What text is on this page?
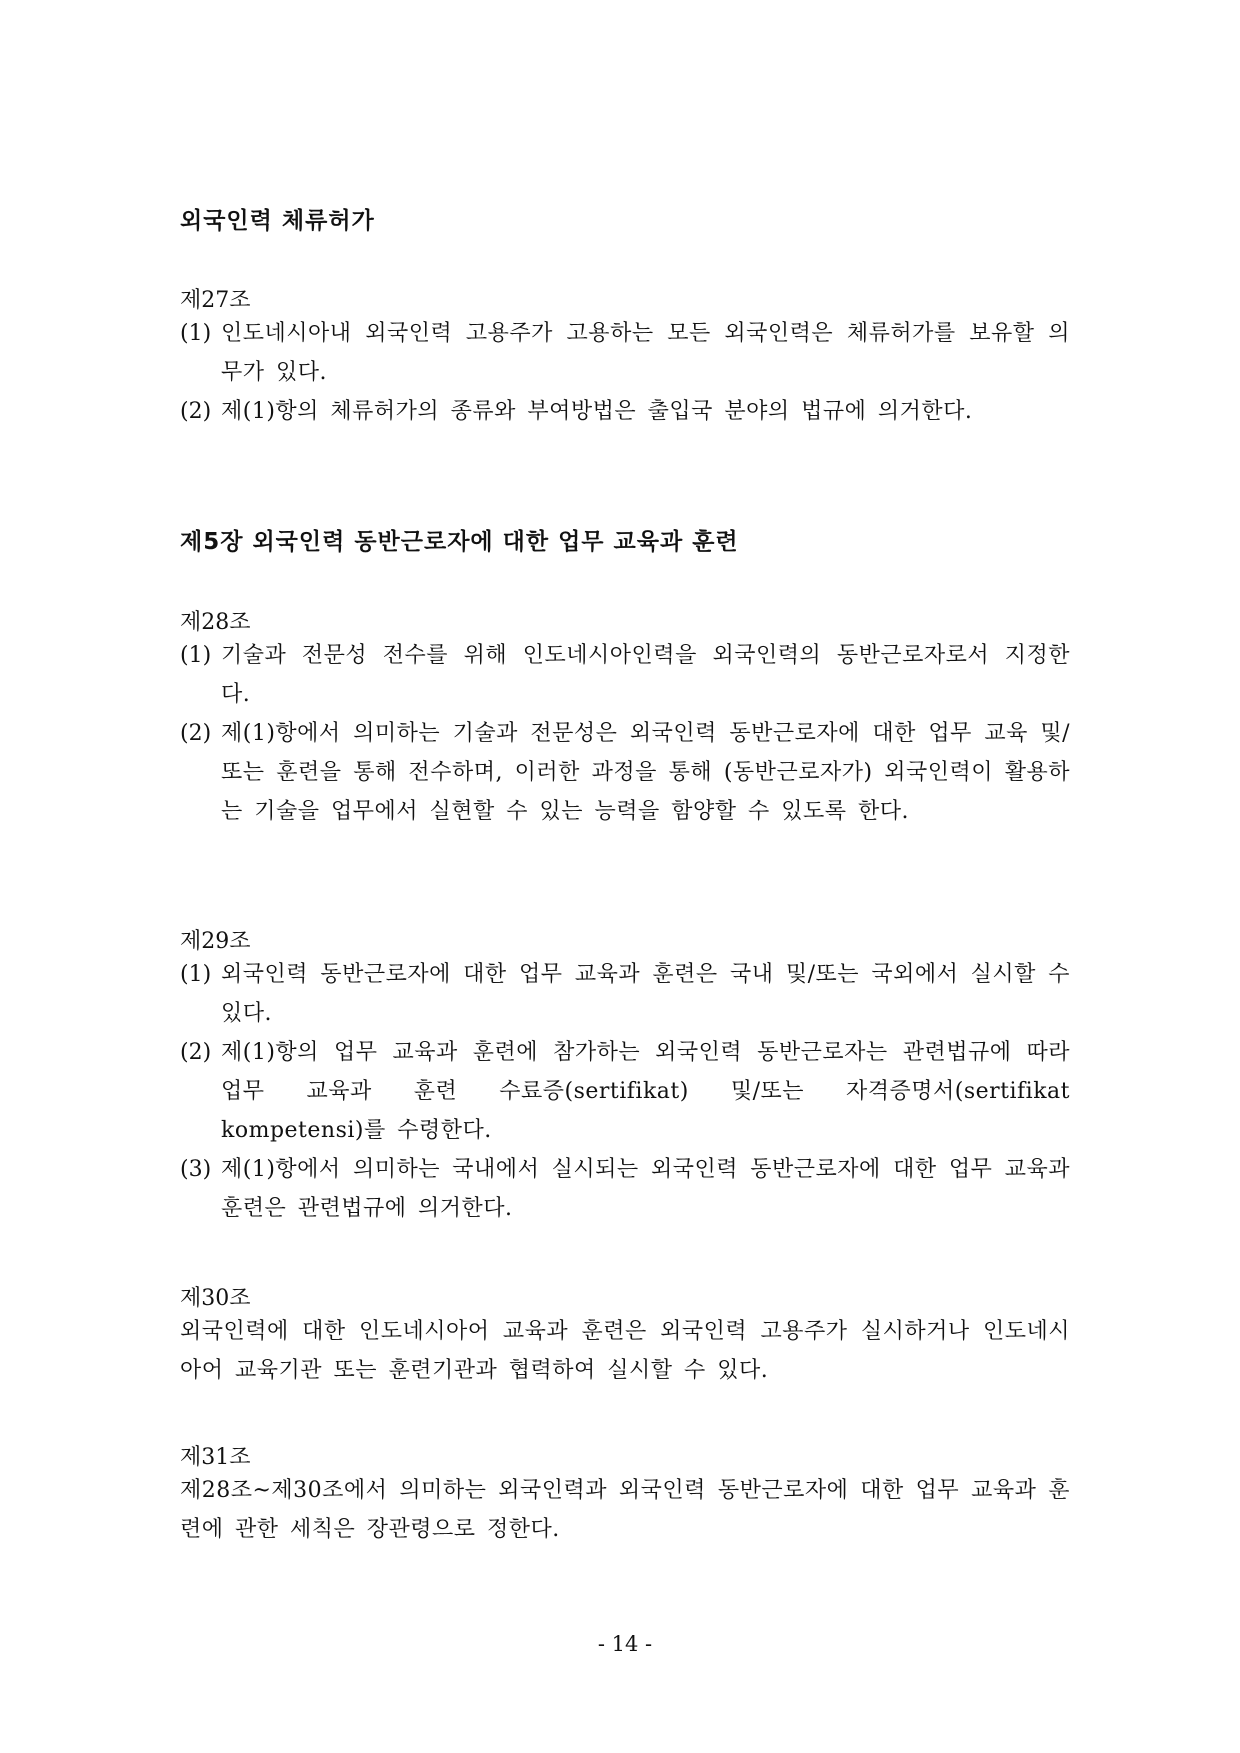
외국인력 체류허가
제27조
(1) 인도네시아내 외국인력 고용주가 고용하는 모든 외국인력은 체류허가를 보유할 의무가 있다.
(2) 제(1)항의 체류허가의 종류와 부여방법은 출입국 분야의 법규에 의거한다.
제5장 외국인력 동반근로자에 대한 업무 교육과 훈련
제28조
(1) 기술과 전문성 전수를 위해 인도네시아인력을 외국인력의 동반근로자로서 지정한다.
(2) 제(1)항에서 의미하는 기술과 전문성은 외국인력 동반근로자에 대한 업무 교육 및/또는 훈련을 통해 전수하며, 이러한 과정을 통해 (동반근로자가) 외국인력이 활용하는 기술을 업무에서 실현할 수 있는 능력을 함양할 수 있도록 한다.
제29조
(1) 외국인력 동반근로자에 대한 업무 교육과 훈련은 국내 및/또는 국외에서 실시할 수 있다.
(2) 제(1)항의 업무 교육과 훈련에 참가하는 외국인력 동반근로자는 관련법규에 따라 업무 교육과 훈련 수료증(sertifikat) 및/또는 자격증명서(sertifikat kompetensi)를 수령한다.
(3) 제(1)항에서 의미하는 국내에서 실시되는 외국인력 동반근로자에 대한 업무 교육과 훈련은 관련법규에 의거한다.
제30조
외국인력에 대한 인도네시아어 교육과 훈련은 외국인력 고용주가 실시하거나 인도네시아어 교육기관 또는 훈련기관과 협력하여 실시할 수 있다.
제31조
제28조~제30조에서 의미하는 외국인력과 외국인력 동반근로자에 대한 업무 교육과 훈련에 관한 세칙은 장관령으로 정한다.
- 14 -
